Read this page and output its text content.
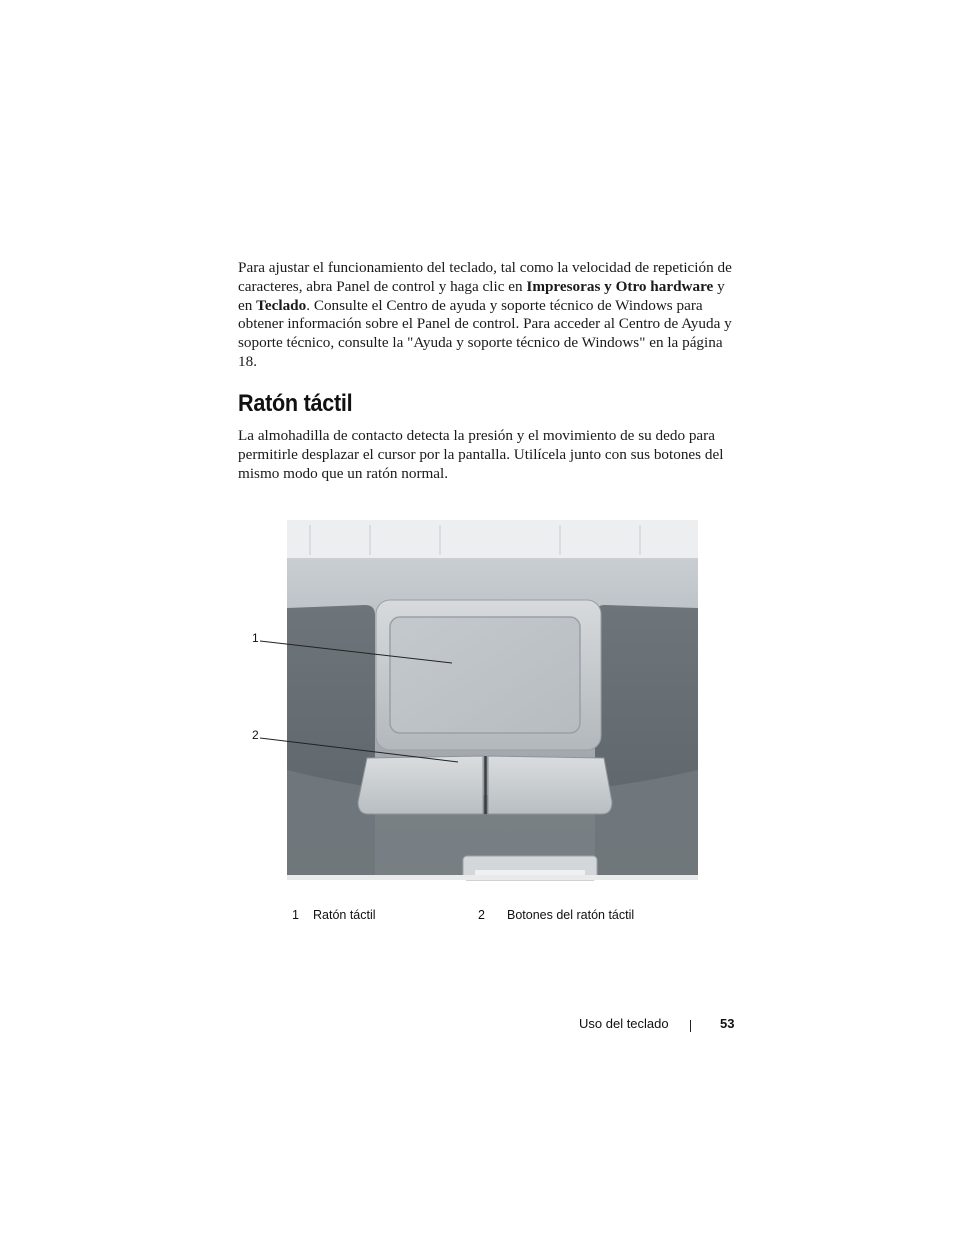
Para ajustar el funcionamiento del teclado, tal como la velocidad de repetición de caracteres, abra Panel de control y haga clic en Impresoras y Otro hardware y en Teclado. Consulte el Centro de ayuda y soporte técnico de Windows para obtener información sobre el Panel de control. Para acceder al Centro de Ayuda y soporte técnico, consulte la "Ayuda y soporte técnico de Windows" en la página 18.

Ratón táctil

La almohadilla de contacto detecta la presión y el movimiento de su dedo para permitirle desplazar el cursor por la pantalla. Utilícela junto con sus botones del mismo modo que un ratón normal.

1
2
1 Ratón táctil	2 Botones del ratón táctil
Uso del teclado	53
